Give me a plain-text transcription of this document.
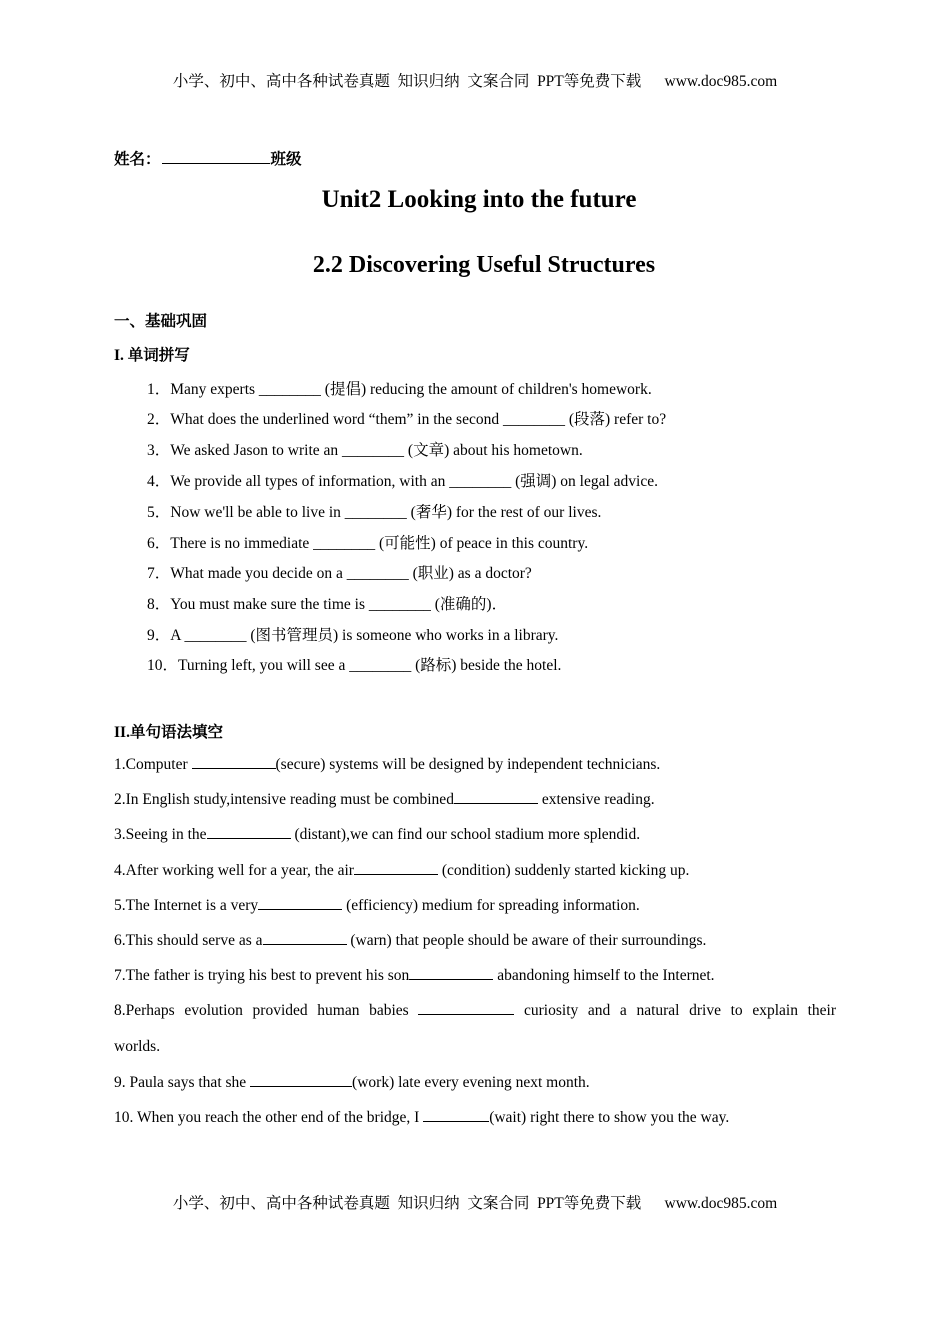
小学、初中、高中各种试卷真题  知识归纳  文案合同  PPT等免费下载      www.doc985.com
姓名：	班级
Unit2 Looking into the future
2.2 Discovering Useful Structures
一、基础巩固
I. 单词拼写
1．Many experts ________ (提倡) reducing the amount of children's homework.
2．What does the underlined word “them” in the second ________ (段落) refer to?
3．We asked Jason to write an ________ (文章) about his hometown.
4．We provide all types of information, with an ________ (强调) on legal advice.
5．Now we'll be able to live in ________ (奢华) for the rest of our lives.
6．There is no immediate ________ (可能性) of peace in this country.
7．What made you decide on a ________ (职业) as a doctor?
8．You must make sure the time is ________ (准确的)．
9．A ________ (图书管理员) is someone who works in a library.
10．Turning left, you will see a ________ (路标) beside the hotel.
II.单句语法填空
1.Computer	(secure) systems will be designed by independent technicians.
2.In English study,intensive reading must be combined	extensive reading.
3.Seeing in the	(distant),we can find our school stadium more splendid.
4.After working well for a year, the air	(condition) suddenly started kicking up.
5.The Internet is a very	(efficiency) medium for spreading information.
6.This should serve as a	(warn) that people should be aware of their surroundings.
7.The father is trying his best to prevent his son	abandoning himself to the Internet.
8.Perhaps evolution provided human babies	curiosity and a natural drive to explain their
worlds.
9. Paula says that she	(work) late every evening next month.
10. When you reach the other end of the bridge, I	(wait) right there to show you the way.
小学、初中、高中各种试卷真题  知识归纳  文案合同  PPT等免费下载      www.doc985.com
